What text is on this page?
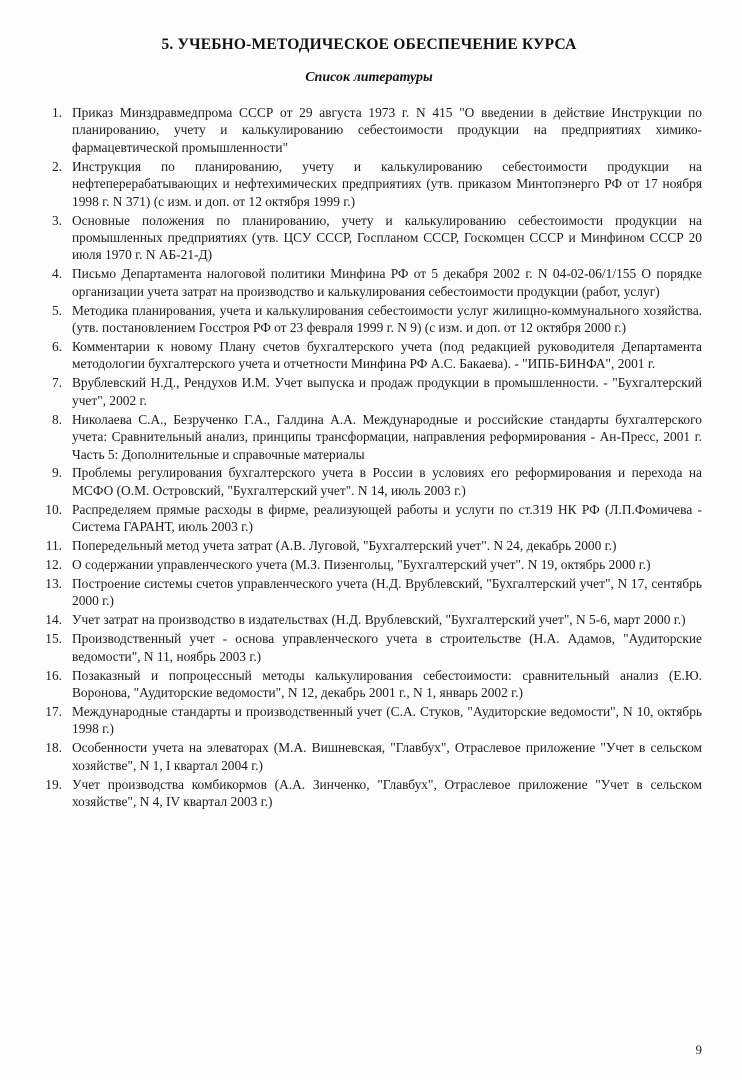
5. УЧЕБНО-МЕТОДИЧЕСКОЕ ОБЕСПЕЧЕНИЕ КУРСА
Список литературы
1. Приказ Минздравмедпрома СССР от 29 августа 1973 г. N 415 "О введении в действие Инструкции по планированию, учету и калькулированию себестоимости продукции на предприятиях химико-фармацевтической промышленности"
2. Инструкция по планированию, учету и калькулированию себестоимости продукции на нефтеперерабатывающих и нефтехимических предприятиях (утв. приказом Минтопэнерго РФ от 17 ноября 1998 г. N 371) (с изм. и доп. от 12 октября 1999 г.)
3. Основные положения по планированию, учету и калькулированию себестоимости продукции на промышленных предприятиях (утв. ЦСУ СССР, Госпланом СССР, Госкомцен СССР и Минфином СССР 20 июля 1970 г. N АБ-21-Д)
4. Письмо Департамента налоговой политики Минфина РФ от 5 декабря 2002 г. N 04-02-06/1/155 О порядке организации учета затрат на производство и калькулирования себестоимости продукции (работ, услуг)
5. Методика планирования, учета и калькулирования себестоимости услуг жилищно-коммунального хозяйства. (утв. постановлением Госстроя РФ от 23 февраля 1999 г. N 9) (с изм. и доп. от 12 октября 2000 г.)
6. Комментарии к новому Плану счетов бухгалтерского учета (под редакцией руководителя Департамента методологии бухгалтерского учета и отчетности Минфина РФ А.С. Бакаева). - "ИПБ-БИНФА", 2001 г.
7. Врублевский Н.Д., Рендухов И.М. Учет выпуска и продаж продукции в промышленности. - "Бухгалтерский учет", 2002 г.
8. Николаева С.А., Безрученко Г.А., Галдина А.А. Международные и российские стандарты бухгалтерского учета: Сравнительный анализ, принципы трансформации, направления реформирования - Ан-Пресс, 2001 г. Часть 5: Дополнительные и справочные материалы
9. Проблемы регулирования бухгалтерского учета в России в условиях его реформирования и перехода на МСФО (О.М. Островский, "Бухгалтерский учет". N 14, июль 2003 г.)
10. Распределяем прямые расходы в фирме, реализующей работы и услуги по ст.319 НК РФ (Л.П.Фомичева - Система ГАРАНТ, июль 2003 г.)
11. Попередельный метод учета затрат (А.В. Луговой, "Бухгалтерский учет". N 24, декабрь 2000 г.)
12. О содержании управленческого учета (М.З. Пизенгольц, "Бухгалтерский учет". N 19, октябрь 2000 г.)
13. Построение системы счетов управленческого учета (Н.Д. Врублевский, "Бухгалтерский учет", N 17, сентябрь 2000 г.)
14. Учет затрат на производство в издательствах (Н.Д. Врублевский, "Бухгалтерский учет", N 5-6, март 2000 г.)
15. Производственный учет - основа управленческого учета в строительстве (Н.А. Адамов, "Аудиторские ведомости", N 11, ноябрь 2003 г.)
16. Позаказный и попроцессный методы калькулирования себестоимости: сравнительный анализ (Е.Ю. Воронова, "Аудиторские ведомости", N 12, декабрь 2001 г., N 1, январь 2002 г.)
17. Международные стандарты и производственный учет (С.А. Стуков, "Аудиторские ведомости", N 10, октябрь 1998 г.)
18. Особенности учета на элеваторах (М.А. Вишневская, "Главбух", Отраслевое приложение "Учет в сельском хозяйстве", N 1, I квартал 2004 г.)
19. Учет производства комбикормов (А.А. Зинченко, "Главбух", Отраслевое приложение "Учет в сельском хозяйстве", N 4, IV квартал 2003 г.)
9
